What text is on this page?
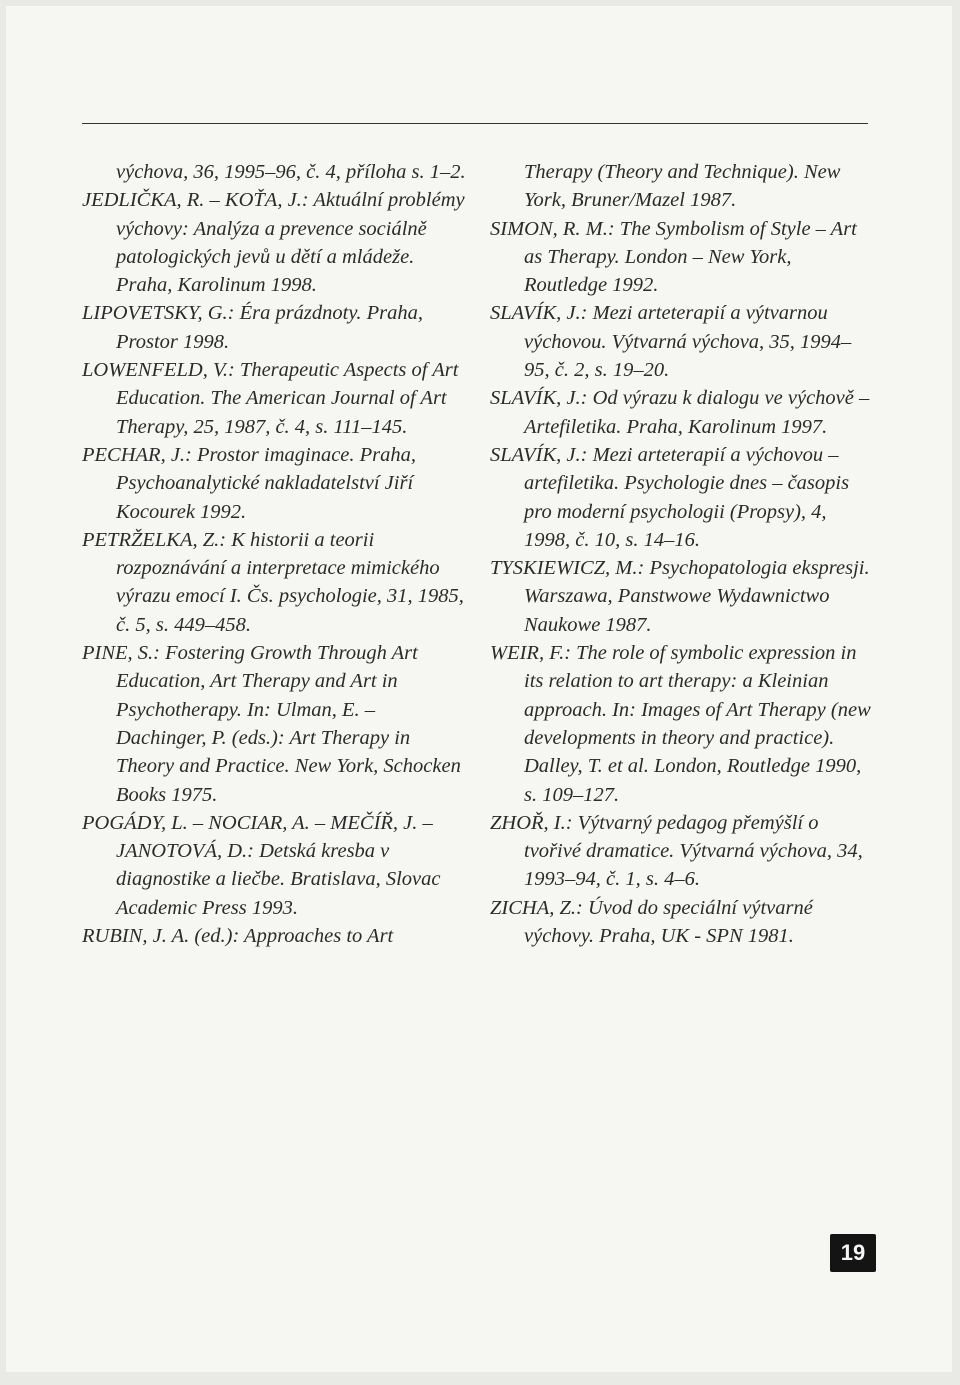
výchova, 36, 1995–96, č. 4, příloha s. 1–2.

JEDLIČKA, R. – KOŤA, J.: Aktuální problémy výchovy: Analýza a prevence sociálně patologických jevů u dětí a mládeže. Praha, Karolinum 1998.

LIPOVETSKY, G.: Éra prázdnoty. Praha, Prostor 1998.

LOWENFELD, V.: Therapeutic Aspects of Art Education. The American Journal of Art Therapy, 25, 1987, č. 4, s. 111–145.

PECHAR, J.: Prostor imaginace. Praha, Psychoanalytické nakladatelství Jiří Kocourek 1992.

PETRŽELKA, Z.: K historii a teorii rozpoznávání a interpretace mimického výrazu emocí I. Čs. psychologie, 31, 1985, č. 5, s. 449–458.

PINE, S.: Fostering Growth Through Art Education, Art Therapy and Art in Psychotherapy. In: Ulman, E. – Dachinger, P. (eds.): Art Therapy in Theory and Practice. New York, Schocken Books 1975.

POGÁDY, L. – NOCIAR, A. – MEČÍŘ, J. – JANOTOVÁ, D.: Detská kresba v diagnostike a liečbe. Bratislava, Slovac Academic Press 1993.

RUBIN, J. A. (ed.): Approaches to Art

Therapy (Theory and Technique). New York, Bruner/Mazel 1987.

SIMON, R. M.: The Symbolism of Style – Art as Therapy. London – New York, Routledge 1992.

SLAVÍK, J.: Mezi arteterapií a výtvarnou výchovou. Výtvarná výchova, 35, 1994–95, č. 2, s. 19–20.

SLAVÍK, J.: Od výrazu k dialogu ve výchově – Artefiletika. Praha, Karolinum 1997.

SLAVÍK, J.: Mezi arteterapií a výchovou – artefiletika. Psychologie dnes – časopis pro moderní psychologii (Propsy), 4, 1998, č. 10, s. 14–16.

TYSKIEWICZ, M.: Psychopatologia ekspresji. Warszawa, Panstwowe Wydawnictwo Naukowe 1987.

WEIR, F.: The role of symbolic expression in its relation to art therapy: a Kleinian approach. In: Images of Art Therapy (new developments in theory and practice). Dalley, T. et al. London, Routledge 1990, s. 109–127.

ZHOŘ, I.: Výtvarný pedagog přemýšlí o tvořivé dramatice. Výtvarná výchova, 34, 1993–94, č. 1, s. 4–6.

ZICHA, Z.: Úvod do speciální výtvarné výchovy. Praha, UK - SPN 1981.

19
